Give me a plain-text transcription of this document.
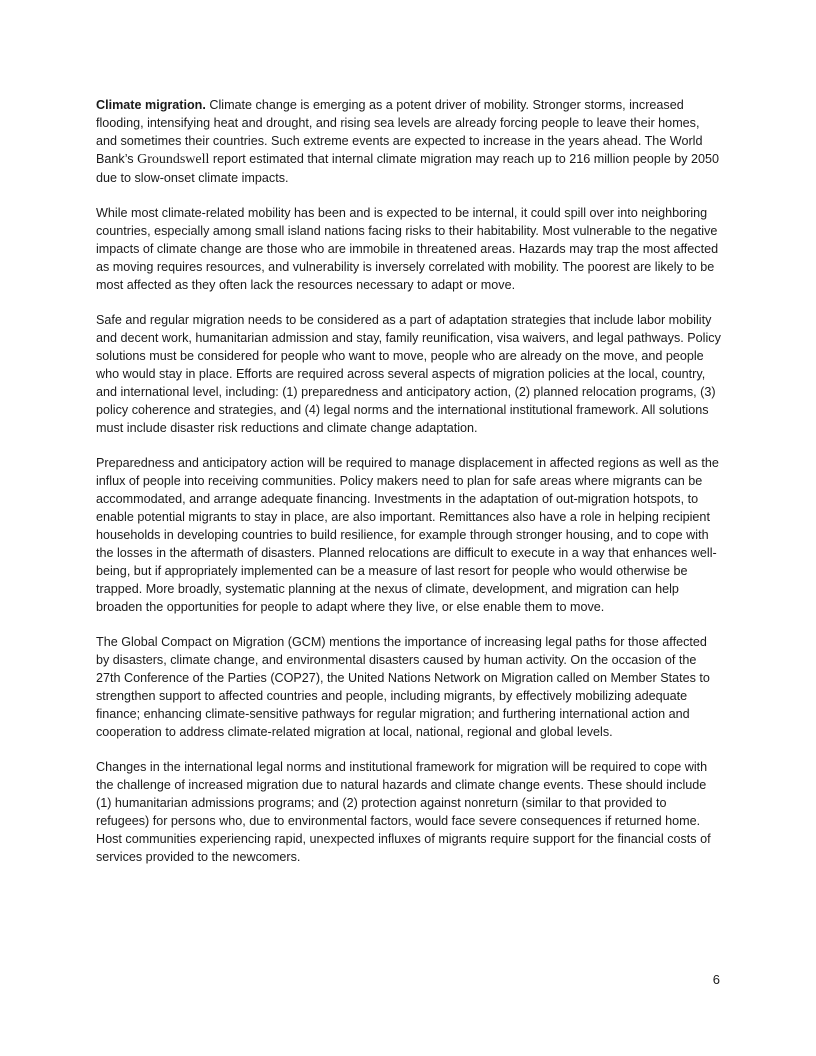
Climate migration. Climate change is emerging as a potent driver of mobility. Stronger storms, increased flooding, intensifying heat and drought, and rising sea levels are already forcing people to leave their homes, and sometimes their countries. Such extreme events are expected to increase in the years ahead. The World Bank’s Groundswell report estimated that internal climate migration may reach up to 216 million people by 2050 due to slow-onset climate impacts.

While most climate-related mobility has been and is expected to be internal, it could spill over into neighboring countries, especially among small island nations facing risks to their habitability. Most vulnerable to the negative impacts of climate change are those who are immobile in threatened areas. Hazards may trap the most affected as moving requires resources, and vulnerability is inversely correlated with mobility. The poorest are likely to be most affected as they often lack the resources necessary to adapt or move.

Safe and regular migration needs to be considered as a part of adaptation strategies that include labor mobility and decent work, humanitarian admission and stay, family reunification, visa waivers, and legal pathways. Policy solutions must be considered for people who want to move, people who are already on the move, and people who would stay in place. Efforts are required across several aspects of migration policies at the local, country, and international level, including: (1) preparedness and anticipatory action, (2) planned relocation programs, (3) policy coherence and strategies, and (4) legal norms and the international institutional framework. All solutions must include disaster risk reductions and climate change adaptation.

Preparedness and anticipatory action will be required to manage displacement in affected regions as well as the influx of people into receiving communities. Policy makers need to plan for safe areas where migrants can be accommodated, and arrange adequate financing. Investments in the adaptation of out-migration hotspots, to enable potential migrants to stay in place, are also important. Remittances also have a role in helping recipient households in developing countries to build resilience, for example through stronger housing, and to cope with the losses in the aftermath of disasters. Planned relocations are difficult to execute in a way that enhances well-being, but if appropriately implemented can be a measure of last resort for people who would otherwise be trapped. More broadly, systematic planning at the nexus of climate, development, and migration can help broaden the opportunities for people to adapt where they live, or else enable them to move.

The Global Compact on Migration (GCM) mentions the importance of increasing legal paths for those affected by disasters, climate change, and environmental disasters caused by human activity. On the occasion of the 27th Conference of the Parties (COP27), the United Nations Network on Migration called on Member States to strengthen support to affected countries and people, including migrants, by effectively mobilizing adequate finance; enhancing climate-sensitive pathways for regular migration; and furthering international action and cooperation to address climate-related migration at local, national, regional and global levels.

Changes in the international legal norms and institutional framework for migration will be required to cope with the challenge of increased migration due to natural hazards and climate change events. These should include (1) humanitarian admissions programs; and (2) protection against nonreturn (similar to that provided to refugees) for persons who, due to environmental factors, would face severe consequences if returned home. Host communities experiencing rapid, unexpected influxes of migrants require support for the financial costs of services provided to the newcomers.

6
